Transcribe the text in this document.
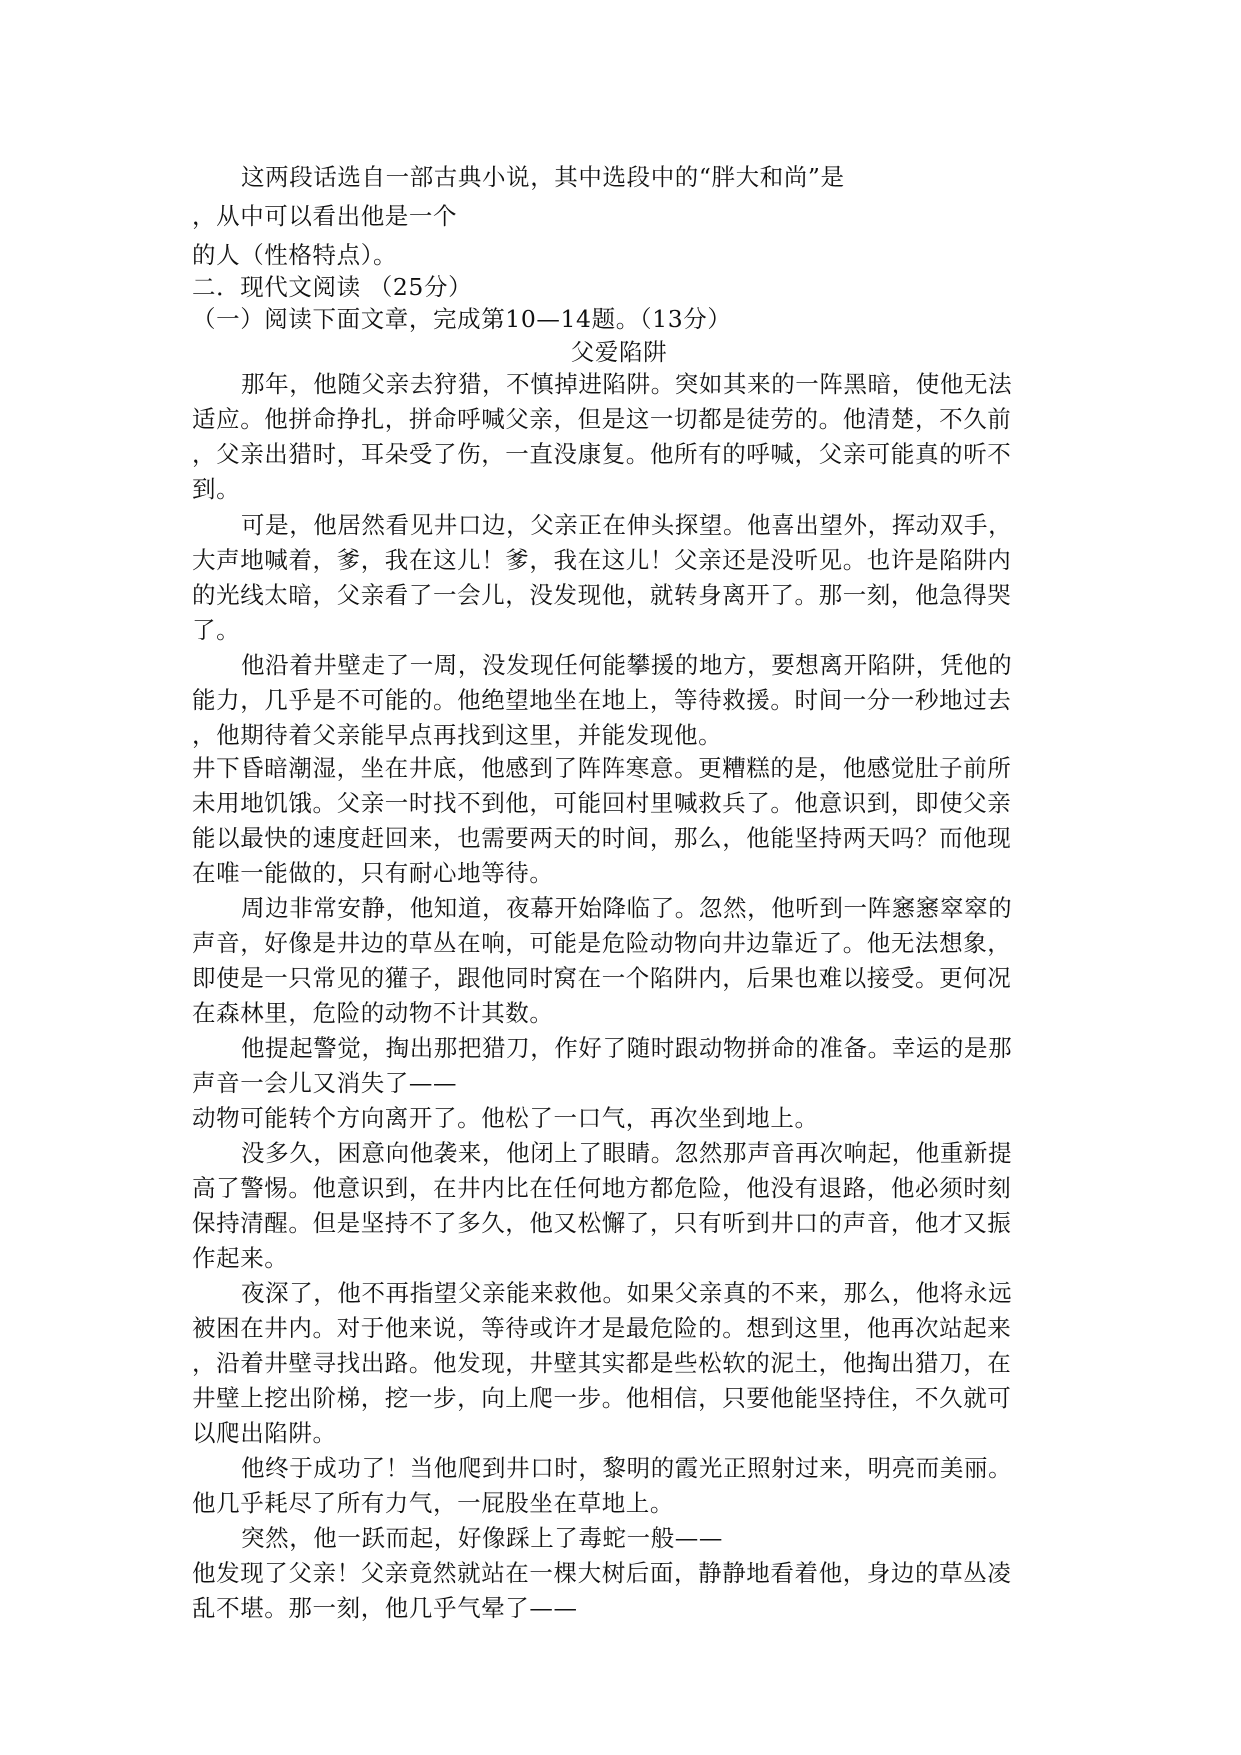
这两段话选自一部古典小说，其中选段中的“胖大和尚”是
，从中可以看出他是一个
的人（性格特点）。
二．现代文阅读 （25分）
（一）阅读下面文章，完成第10—14题。（13分）
父爱陷阱
那年，他随父亲去狩猎，不慎掉进陷阱。突如其来的一阵黑暗，使他无法
适应。他拼命挣扎，拼命呼喊父亲，但是这一切都是徒劳的。他清楚，不久前
，父亲出猎时，耳朵受了伤，一直没康复。他所有的呼喊，父亲可能真的听不
到。
可是，他居然看见井口边，父亲正在伸头探望。他喜出望外，挥动双手，
大声地喊着，爹，我在这儿！爹，我在这儿！父亲还是没听见。也许是陷阱内
的光线太暗，父亲看了一会儿，没发现他，就转身离开了。那一刻，他急得哭
了。
他沿着井壁走了一周，没发现任何能攀援的地方，要想离开陷阱，凭他的
能力，几乎是不可能的。他绝望地坐在地上，等待救援。时间一分一秒地过去
，他期待着父亲能早点再找到这里，并能发现他。
井下昏暗潮湿，坐在井底，他感到了阵阵寒意。更糟糕的是，他感觉肚子前所
未用地饥饿。父亲一时找不到他，可能回村里喊救兵了。他意识到，即使父亲
能以最快的速度赶回来，也需要两天的时间，那么，他能坚持两天吗？而他现
在唯一能做的，只有耐心地等待。
周边非常安静，他知道，夜幕开始降临了。忽然，他听到一阵窸窸窣窣的
声音，好像是井边的草丛在响，可能是危险动物向井边靠近了。他无法想象，
即使是一只常见的獾子，跟他同时窝在一个陷阱内，后果也难以接受。更何况
在森林里，危险的动物不计其数。
他提起警觉，掏出那把猎刀，作好了随时跟动物拼命的准备。幸运的是那
声音一会儿又消失了——
动物可能转个方向离开了。他松了一口气，再次坐到地上。
没多久，困意向他袭来，他闭上了眼睛。忽然那声音再次响起，他重新提
高了警惕。他意识到，在井内比在任何地方都危险，他没有退路，他必须时刻
保持清醒。但是坚持不了多久，他又松懈了，只有听到井口的声音，他才又振
作起来。
夜深了，他不再指望父亲能来救他。如果父亲真的不来，那么，他将永远
被困在井内。对于他来说，等待或许才是最危险的。想到这里，他再次站起来
，沿着井壁寻找出路。他发现，井壁其实都是些松软的泥土，他掏出猎刀，在
井壁上挖出阶梯，挖一步，向上爬一步。他相信，只要他能坚持住，不久就可
以爬出陷阱。
他终于成功了！当他爬到井口时，黎明的霞光正照射过来，明亮而美丽。
他几乎耗尽了所有力气，一屁股坐在草地上。
突然，他一跃而起，好像踩上了毒蛇一般——
他发现了父亲！父亲竟然就站在一棵大树后面，静静地看着他，身边的草丛凌
乱不堪。那一刻，他几乎气晕了——
